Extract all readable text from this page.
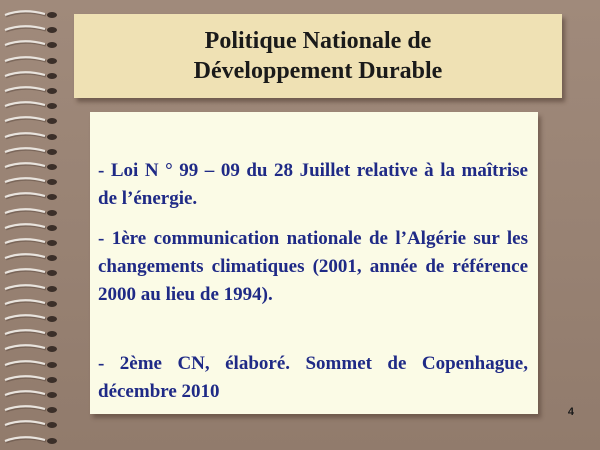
Politique Nationale de
Développement Durable
- Loi N ° 99 – 09 du 28 Juillet relative à la maîtrise de l’énergie.
- 1ère communication nationale de l’Algérie sur les changements climatiques (2001, année de référence 2000 au lieu de 1994).
- 2ème CN, élaboré. Sommet de Copenhague, décembre 2010
4
